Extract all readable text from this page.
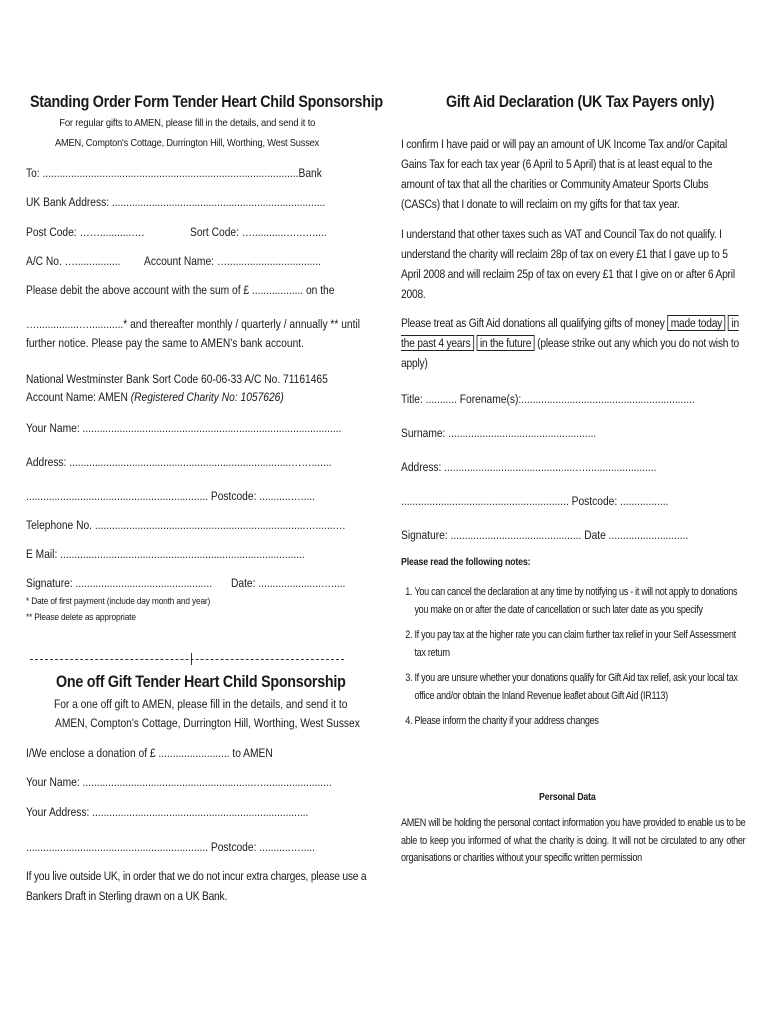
Standing Order Form Tender Heart Child Sponsorship
For regular gifts to AMEN, please fill in the details, and send it to
AMEN, Compton's Cottage, Durrington Hill, Worthing, West Sussex
To: ..........................................................................................Bank
UK Bank Address: ...........................................................................
Post Code: ……...........….	Sort Code: …............…..….....
A/C No. …................	Account Name: ….................................
Please debit the above account with the sum of £ .................. on the
…...............…............* and thereafter monthly / quarterly / annually ** until
further notice. Please pay the same to AMEN's bank account.
National Westminster Bank Sort Code 60-06-33 A/C No. 71161465
Account Name: AMEN (Registered Charity No: 1057626)
Your Name: ...........................................................................................
Address: ..............................................................................…….......
................................................................ Postcode: ...........….....
Telephone No. ..........................................................................….......…
E Mail: ......................................................................................
Signature: ................................................	Date: ......................….....
* Date of first payment (include day month and year)
** Please delete as appropriate
One off Gift Tender Heart Child Sponsorship
For a one off gift to AMEN, please fill in the details, and send it to
AMEN, Compton's Cottage, Durrington Hill, Worthing, West Sussex
I/We enclose a donation of £ ......................... to AMEN
Your Name: ............................................................…........................
Your Address: ............................................................................
................................................................ Postcode: ...........….....
If you live outside UK, in order that we do not incur extra charges, please use a Bankers Draft in Sterling drawn on a UK Bank.
Gift Aid Declaration (UK Tax Payers only)
I confirm I have paid or will pay an amount of UK Income Tax and/or Capital Gains Tax for each tax year (6 April to 5 April) that is at least equal to the amount of tax that all the charities or Community Amateur Sports Clubs (CASCs) that I donate to will reclaim on my gifts for that tax year.
I understand that other taxes such as VAT and Council Tax do not qualify. I understand the charity will reclaim 28p of tax on every £1 that I gave up to 5 April 2008 and will reclaim 25p of tax on every £1 that I give on or after 6 April 2008.
Please treat as Gift Aid donations all qualifying gifts of money made today in the past 4 years in the future (please strike out any which you do not wish to apply)
Title: ........... Forename(s):.............................................................
Surname: ....................................................
Address: ..............................................….........................
........................................................... Postcode: .................
Signature: .............................................. Date ............................
Please read the following notes:
1. You can cancel the declaration at any time by notifying us - it will not apply to donations you make on or after the date of cancellation or such later date as you specify
2. If you pay tax at the higher rate you can claim further tax relief in your Self Assessment tax return
3. If you are unsure whether your donations qualify for Gift Aid tax relief, ask your local tax office and/or obtain the Inland Revenue leaflet about Gift Aid (IR113)
4. Please inform the charity if your address changes
Personal Data
AMEN will be holding the personal contact information you have provided to enable us to be able to keep you informed of what the charity is doing. It will not be circulated to any other organisations or charities without your specific written permission
